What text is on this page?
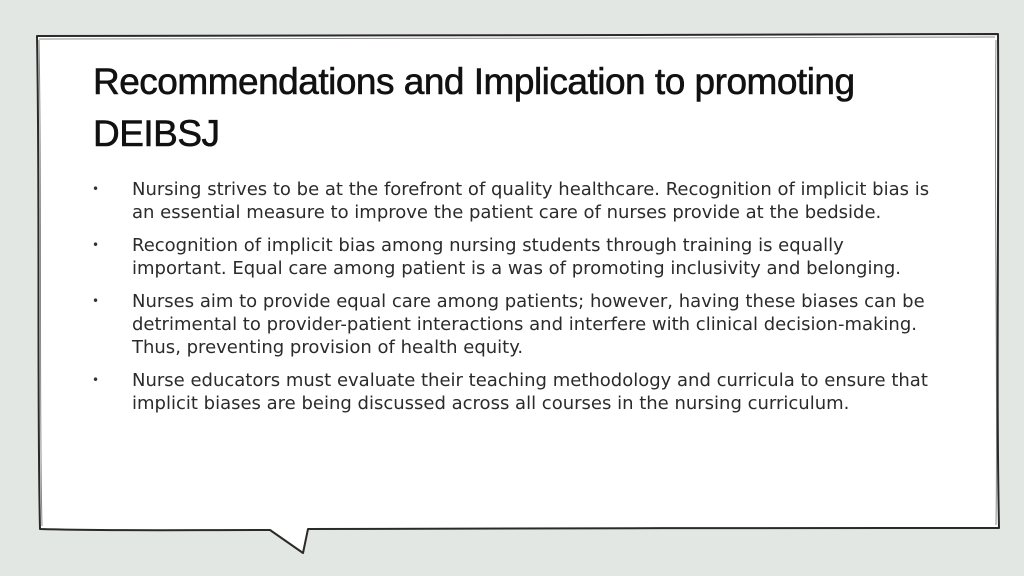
Recommendations and Implication to promoting DEIBSJ
• Nursing strives to be at the forefront of quality healthcare. Recognition of implicit bias is an essential measure to improve the patient care of nurses provide at the bedside.
• Recognition of implicit bias among nursing students through training is equally important. Equal care among patient is a was of promoting inclusivity and belonging.
• Nurses aim to provide equal care among patients; however, having these biases can be detrimental to provider-patient interactions and interfere with clinical decision-making. Thus, preventing provision of health equity.
• Nurse educators must evaluate their teaching methodology and curricula to ensure that implicit biases are being discussed across all courses in the nursing curriculum.
